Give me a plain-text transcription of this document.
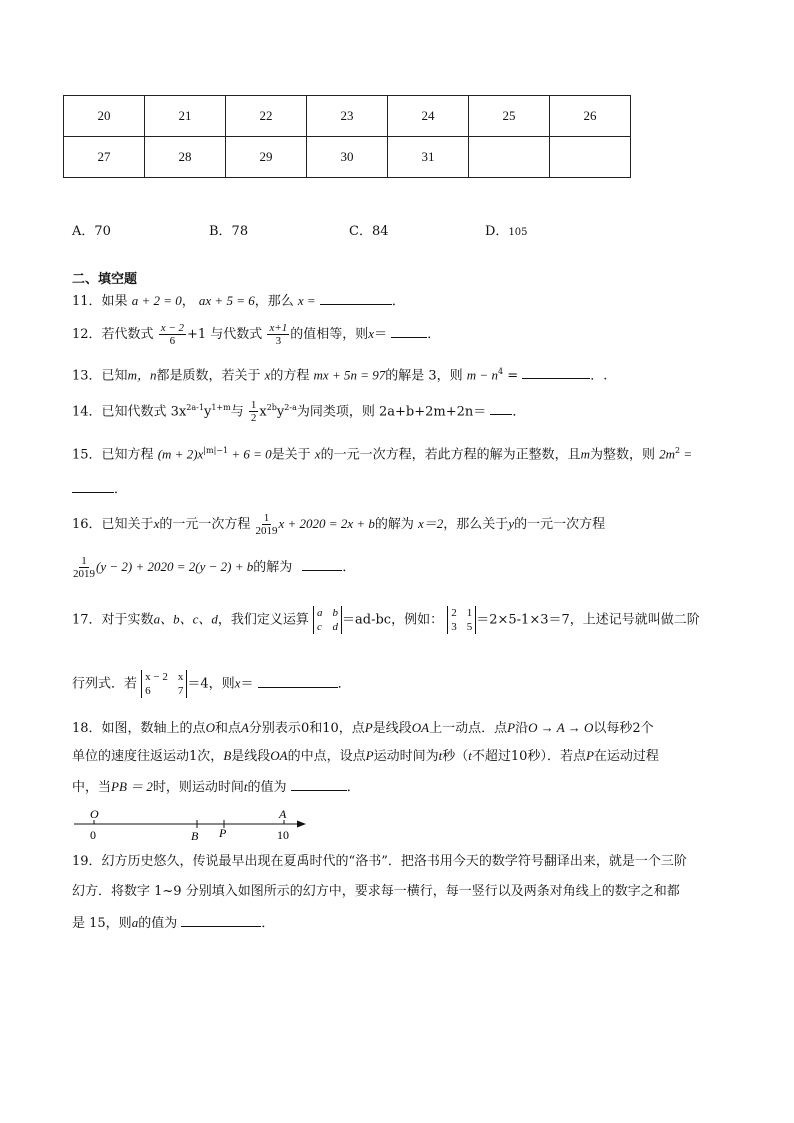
20	21	22	23	24	25	26
27	28	29	30	31		
A．70	B．78	C．84	D．105
二、填空题
11．如果 a + 2 = 0， ax + 5 = 6，那么 x =	．
12．若代数式 $\frac{x - 2}{6} +1$ 与代数式 $\frac{x+1}{3}$ 的值相等，则x＝	．
13．已知m，n都是质数，若关于 x的方程 mx + 5n = 97的解是 3，则 $m - n^4$ =	．.
14．已知代数式 $3x^{2a-1}y^{1+m}$与 $\frac{1}{2} x^{2b}y^{2-a}$为同类项，则 2a+b+2m+2n＝ ．
15．已知方程 $(m + 2)x^{|m|-1} + 6 = 0$是关于 x的一元一次方程，若此方程的解为正整数，且m为整数，则 $2m^2$ =
．
16．已知关于x的一元一次方程 $\frac{1}{2019}$ x + 2020 = 2x + b的解为 x＝2，那么关于y的一元一次方程
$\frac{1}{2019} (y - 2) + 2020 = 2(y - 2) + b$的解为	．
17．对于实数a、b、c、d，我们定义运算 a b
c d ＝ad-bc，例如： 2 1
3 5 ＝2×5-1×3＝7，上述记号就叫做二阶
行列式．若 x − 2 x
6	7 ＝4，则x＝	．
18．如图，数轴上的点O和点A分别表示0和10，点P是线段OA上一动点．点P沿O → A → O以每秒2个
单位的速度往返运动1次，B是线段OA的中点，设点P运动时间为t秒（t不超过10秒）．若点P在运动过程
中，当PB ＝ 2时，则运动时间t的值为	．
O	A
B P
0	10
19．幻方历史悠久，传说最早出现在夏禹时代的“洛书”．把洛书用今天的数学符号翻译出来，就是一个三阶
幻方．将数字 1~9 分别填入如图所示的幻方中，要求每一横行，每一竖行以及两条对角线上的数字之和都
是 15，则a的值为	．
